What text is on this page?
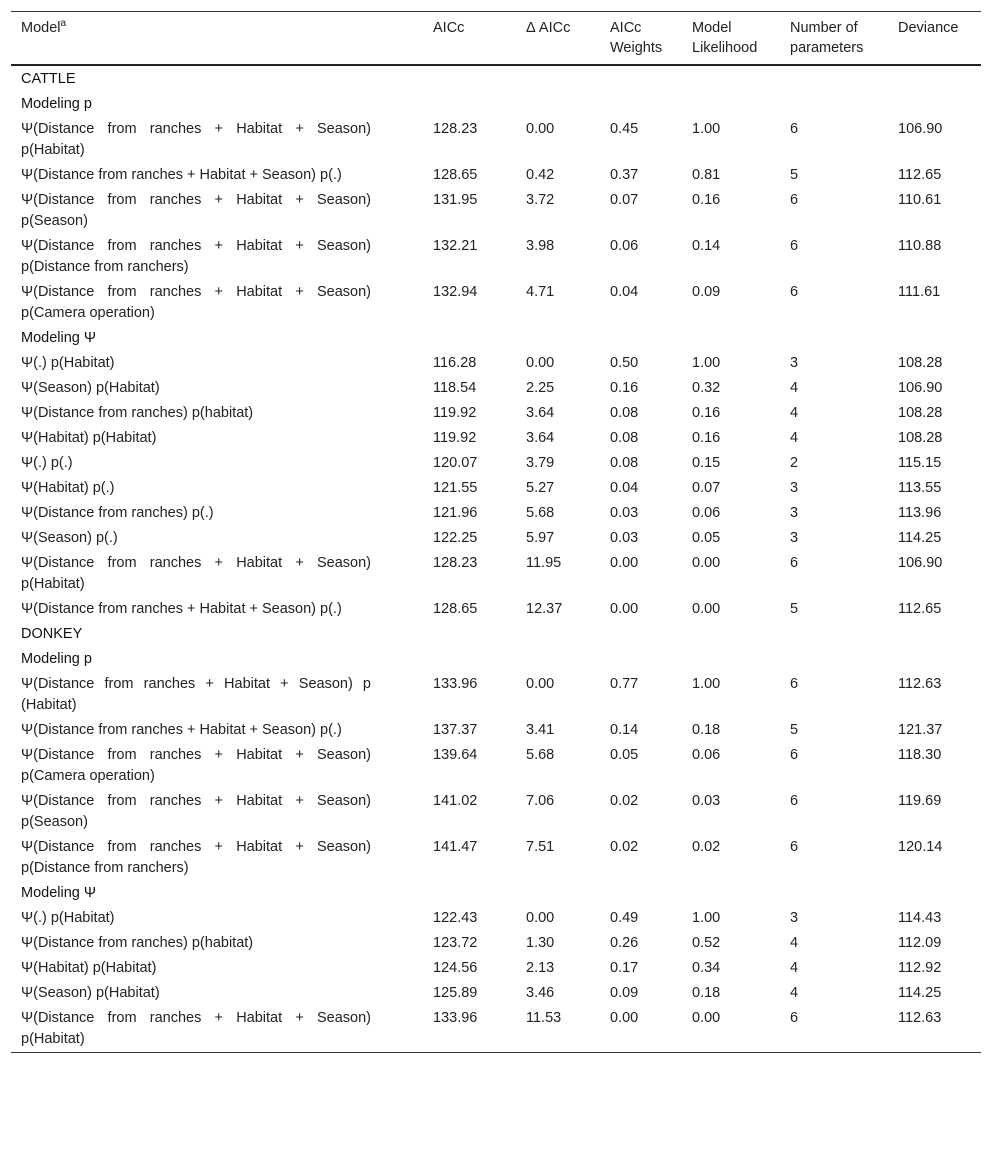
Model$^a$	AICc	Δ AICc	AICc Weights	Model Likelihood	Number of parameters	Deviance
CATTLE						
Modeling p						

Ψ(Distance from ranches + Habitat + Season) p(Habitat)	128.23	0.00	0.45	1.00	6	106.90

Ψ(Distance from ranches + Habitat + Season) p(.)	128.65	0.42	0.37	0.81	5	112.65

Ψ(Distance from ranches + Habitat + Season) p(Season)	131.95	3.72	0.07	0.16	6	110.61

Ψ(Distance from ranches + Habitat + Season) p(Distance from ranchers)	132.21	3.98	0.06	0.14	6	110.88

Ψ(Distance from ranches + Habitat + Season) p(Camera operation)	132.94	4.71	0.04	0.09	6	111.61
Modeling Ψ						

Ψ(.) p(Habitat)	116.28	0.00	0.50	1.00	3	108.28

Ψ(Season) p(Habitat)	118.54	2.25	0.16	0.32	4	106.90

Ψ(Distance from ranches) p(habitat)	119.92	3.64	0.08	0.16	4	108.28

Ψ(Habitat) p(Habitat)	119.92	3.64	0.08	0.16	4	108.28

Ψ(.) p(.)	120.07	3.79	0.08	0.15	2	115.15

Ψ(Habitat) p(.)	121.55	5.27	0.04	0.07	3	113.55

Ψ(Distance from ranches) p(.)	121.96	5.68	0.03	0.06	3	113.96

Ψ(Season) p(.)	122.25	5.97	0.03	0.05	3	114.25

Ψ(Distance from ranches + Habitat + Season) p(Habitat)	128.23	11.95	0.00	0.00	6	106.90

Ψ(Distance from ranches + Habitat + Season) p(.)	128.65	12.37	0.00	0.00	5	112.65
DONKEY						
Modeling p						

Ψ(Distance from ranches + Habitat + Season) p (Habitat)	133.96	0.00	0.77	1.00	6	112.63

Ψ(Distance from ranches + Habitat + Season) p(.)	137.37	3.41	0.14	0.18	5	121.37

Ψ(Distance from ranches + Habitat + Season) p(Camera operation)	139.64	5.68	0.05	0.06	6	118.30

Ψ(Distance from ranches + Habitat + Season) p(Season)	141.02	7.06	0.02	0.03	6	119.69

Ψ(Distance from ranches + Habitat + Season) p(Distance from ranchers)	141.47	7.51	0.02	0.02	6	120.14
Modeling Ψ						

Ψ(.) p(Habitat)	122.43	0.00	0.49	1.00	3	114.43

Ψ(Distance from ranches) p(habitat)	123.72	1.30	0.26	0.52	4	112.09

Ψ(Habitat) p(Habitat)	124.56	2.13	0.17	0.34	4	112.92

Ψ(Season) p(Habitat)	125.89	3.46	0.09	0.18	4	114.25

Ψ(Distance from ranches + Habitat + Season) p(Habitat)	133.96	11.53	0.00	0.00	6	112.63
